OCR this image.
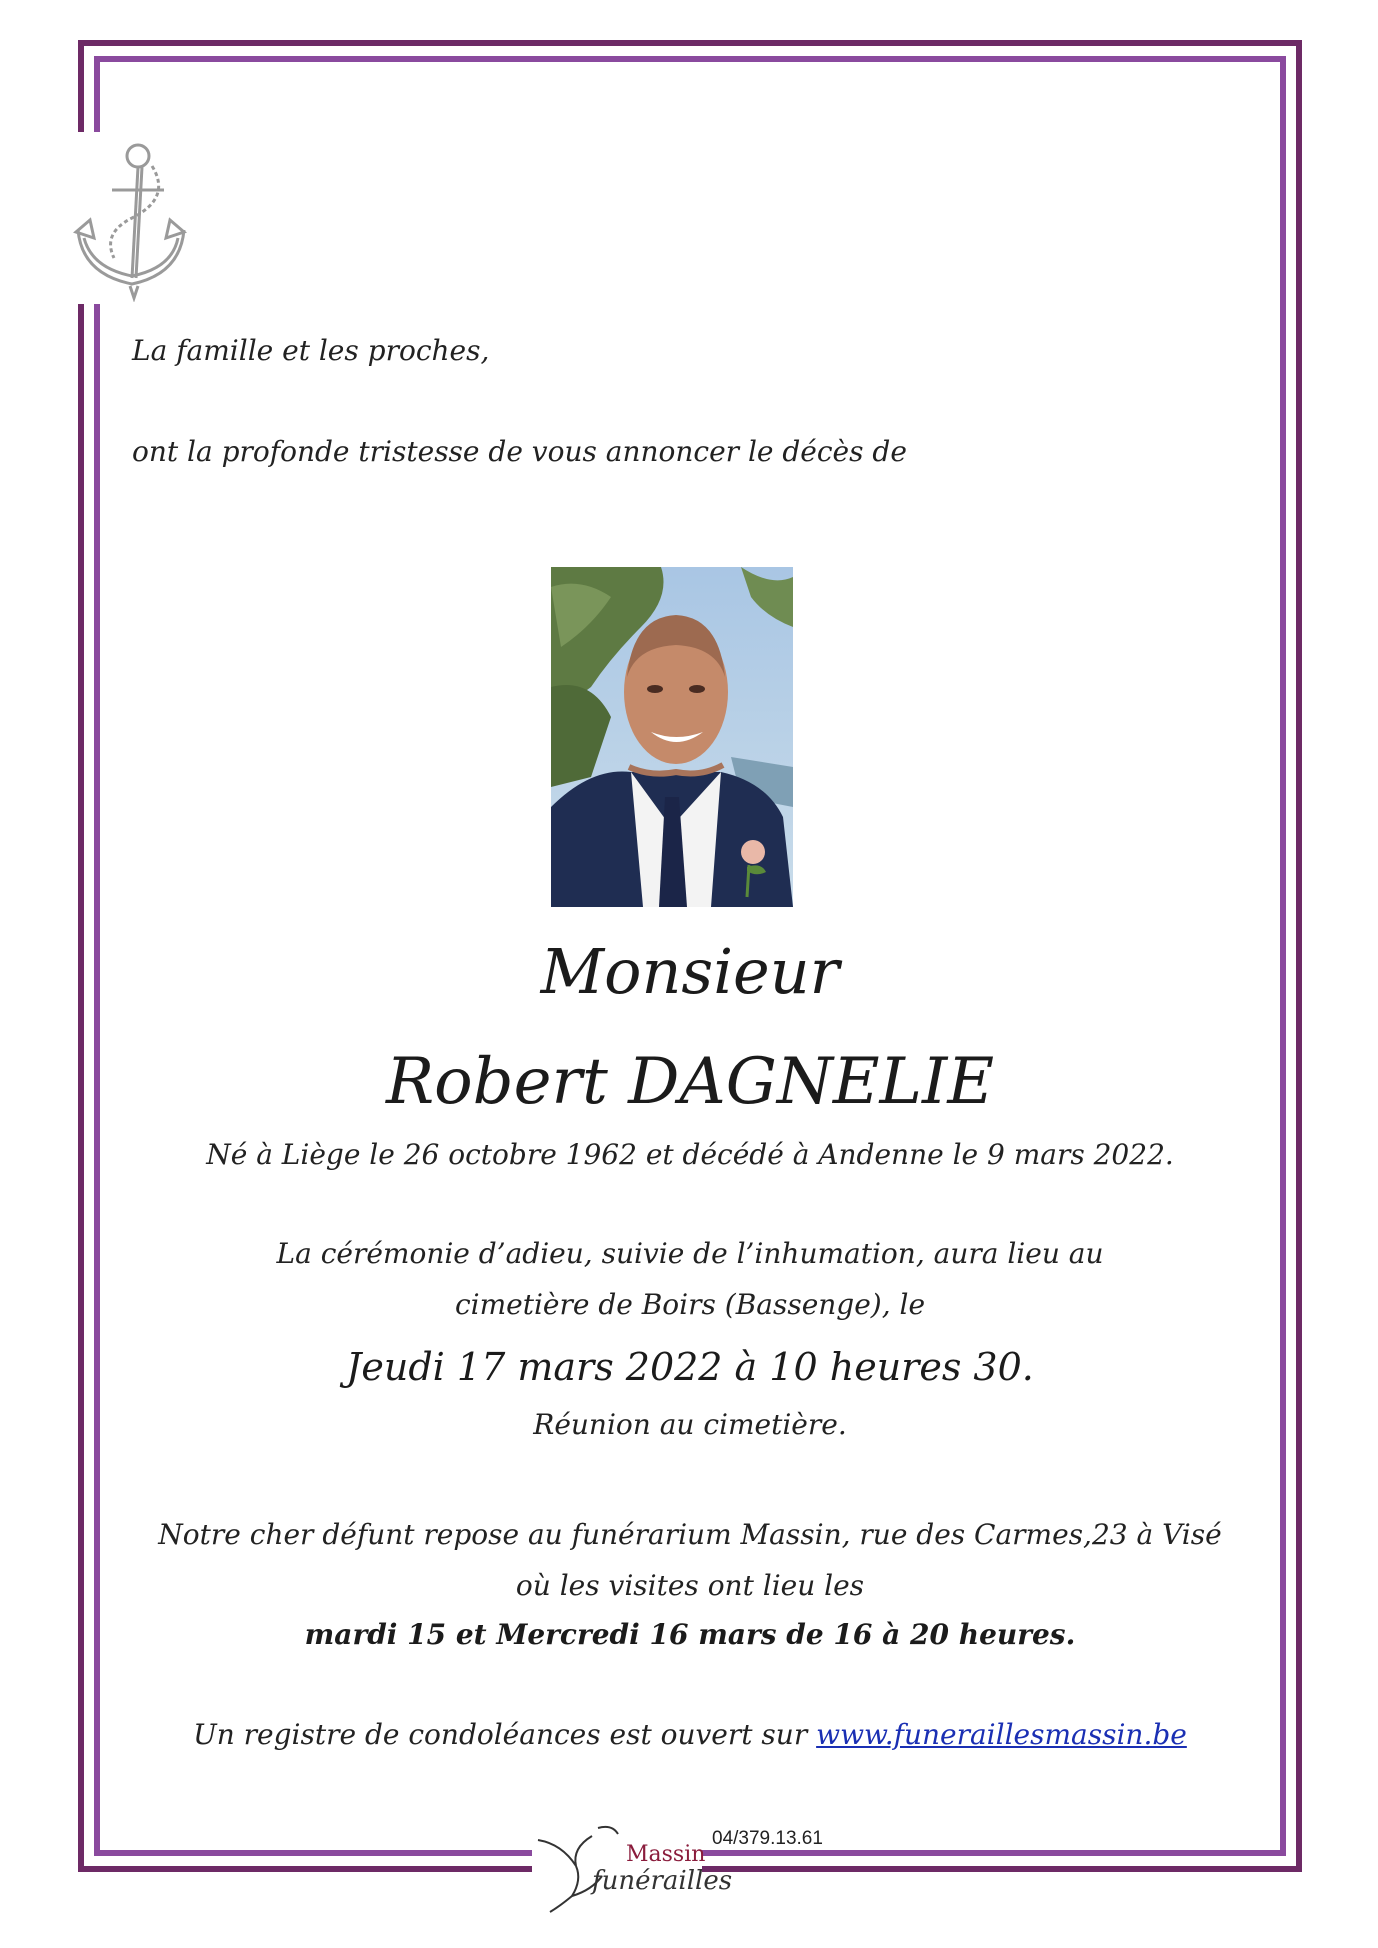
La famille et les proches,
ont la profonde tristesse de vous annoncer le décès de
Monsieur
Robert DAGNELIE
Né à Liège le 26 octobre 1962 et décédé à Andenne le 9 mars 2022.
La cérémonie d’adieu, suivie de l’inhumation, aura lieu au
cimetière de Boirs (Bassenge), le
Jeudi 17 mars 2022 à 10 heures 30.
Réunion au cimetière.
Notre cher défunt repose au funérarium Massin, rue des Carmes,23 à Visé
où les visites ont lieu les
mardi 15 et Mercredi 16 mars de 16 à 20 heures.
Un registre de condoléances est ouvert sur www.funeraillesmassin.be
Massin
funérailles
04/379.13.61
